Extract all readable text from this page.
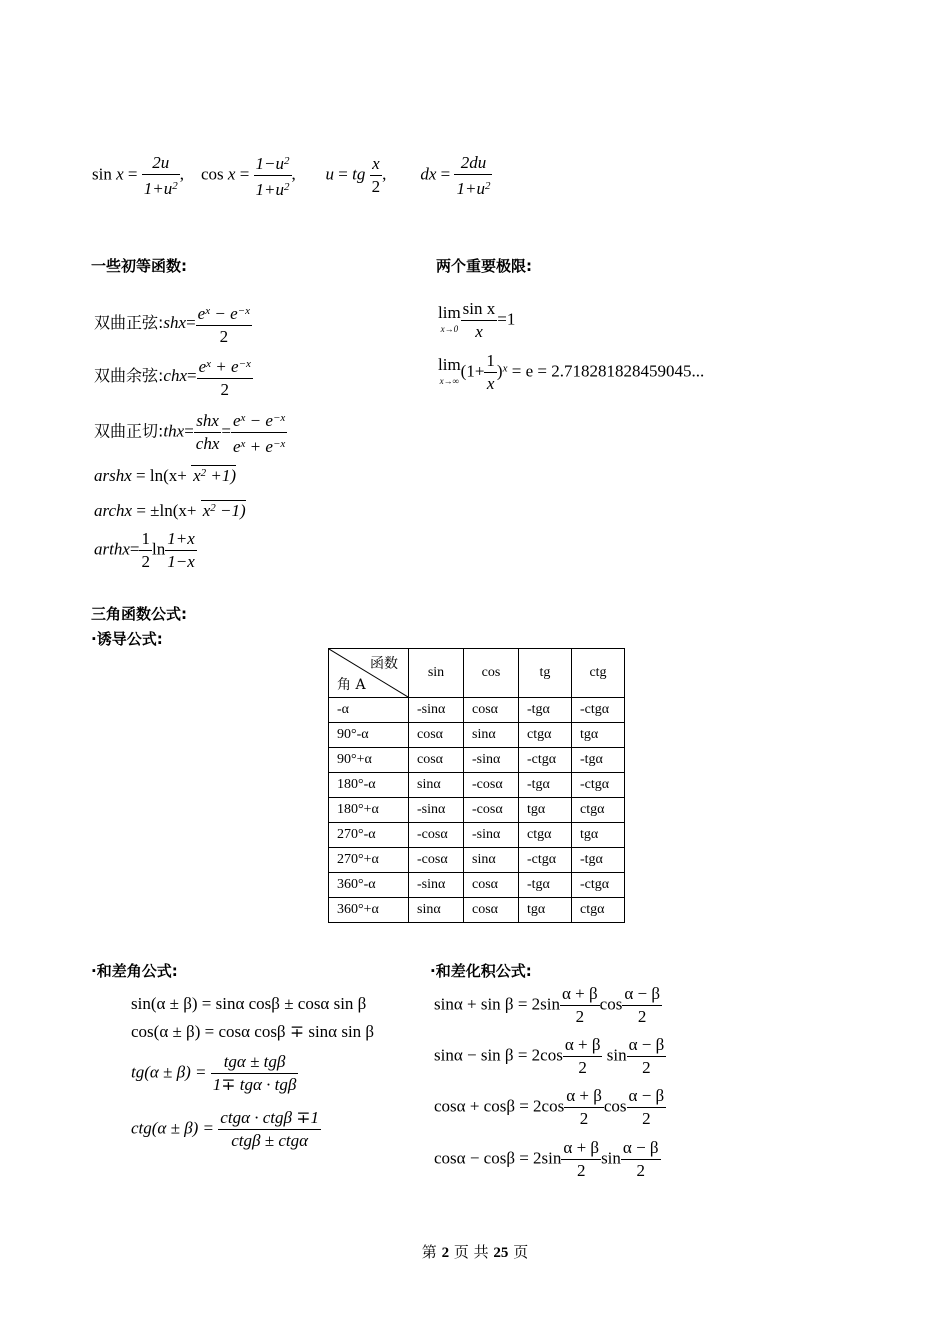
$\sin x = \frac{2u}{1+u^2}$ , $\cos x = \frac{1-u^2}{1+u^2}$ , u = tg $\frac{x}{2}$ , dx = $\frac{2du}{1+u^2}$
一些初等函数:	两个重要极限:
双曲正弦:shx= $\frac{e^x - e^{-x}}{2}$
双曲余弦:chx= $\frac{e^x + e^{-x}}{2}$
双曲正切:thx= $\frac{\text{shx}}{\text{chx}} = \frac{e^x - e^{-x}}{e^x + e^{-x}}$
arshx = $\ln(x+ x^2 +1)$
archx = $\pm\ln(x+ x^2 -1)$
arthx= $\frac{1}{2}$ $\ln \frac{1+x}{1-x}$
lim
$x\to 0 \frac{\text{sin x}}{x} =1$
lim
x→∞
$(1+ \frac{1}{x} )^x = e = 2.718281828459045$...
三角函数公式:
·诱导公式:
函数
角 A	sin	cos	tg	ctg
-α	-sinα	cosα	-tgα	-ctgα
90°-α	cosα	sinα	ctgα	tgα
90°+α	cosα	-sinα	-ctgα	-tgα
180°-α	sinα	-cosα	-tgα	-ctgα
180°+α	-sinα	-cosα	tgα	ctgα
270°-α	-cosα	-sinα	ctgα	tgα
270°+α	-cosα	sinα	-ctgα	-tgα
360°-α	-sinα	cosα	-tgα	-ctgα
360°+α	sinα	cosα	tgα	ctgα
·和差角公式:
sin(α ± β) = sinα cosβ ± cosα sin β
cos(α ± β) = cosα cosβ ∓ sinα sin β
$tg(\alpha \pm \beta) = \frac{\text{tgα ± tgβ}}{\text{1∓ tgα · tgβ}}$
$ctg(\alpha \pm \beta) = \frac{\text{ctgα · ctgβ ∓1}}{\text{ctgβ ± ctgα}}$
·和差化积公式:
$\sin\alpha + \sin \beta = 2\sin \frac{\alpha + \beta}{2}$ $\cos \frac{\alpha - \beta}{2}$
$\sin\alpha - \sin \beta = 2\cos \frac{\alpha + \beta}{2}$ $\sin \frac{\alpha - \beta}{2}$
$\cos\alpha + \cos\beta = 2\cos \frac{\alpha + \beta}{2}$ $\cos \frac{\alpha - \beta}{2}$
$\cos\alpha - \cos\beta = 2\sin \frac{\alpha + \beta}{2}$ $\sin \frac{\alpha - \beta}{2}$
第 2 页 共 25 页
